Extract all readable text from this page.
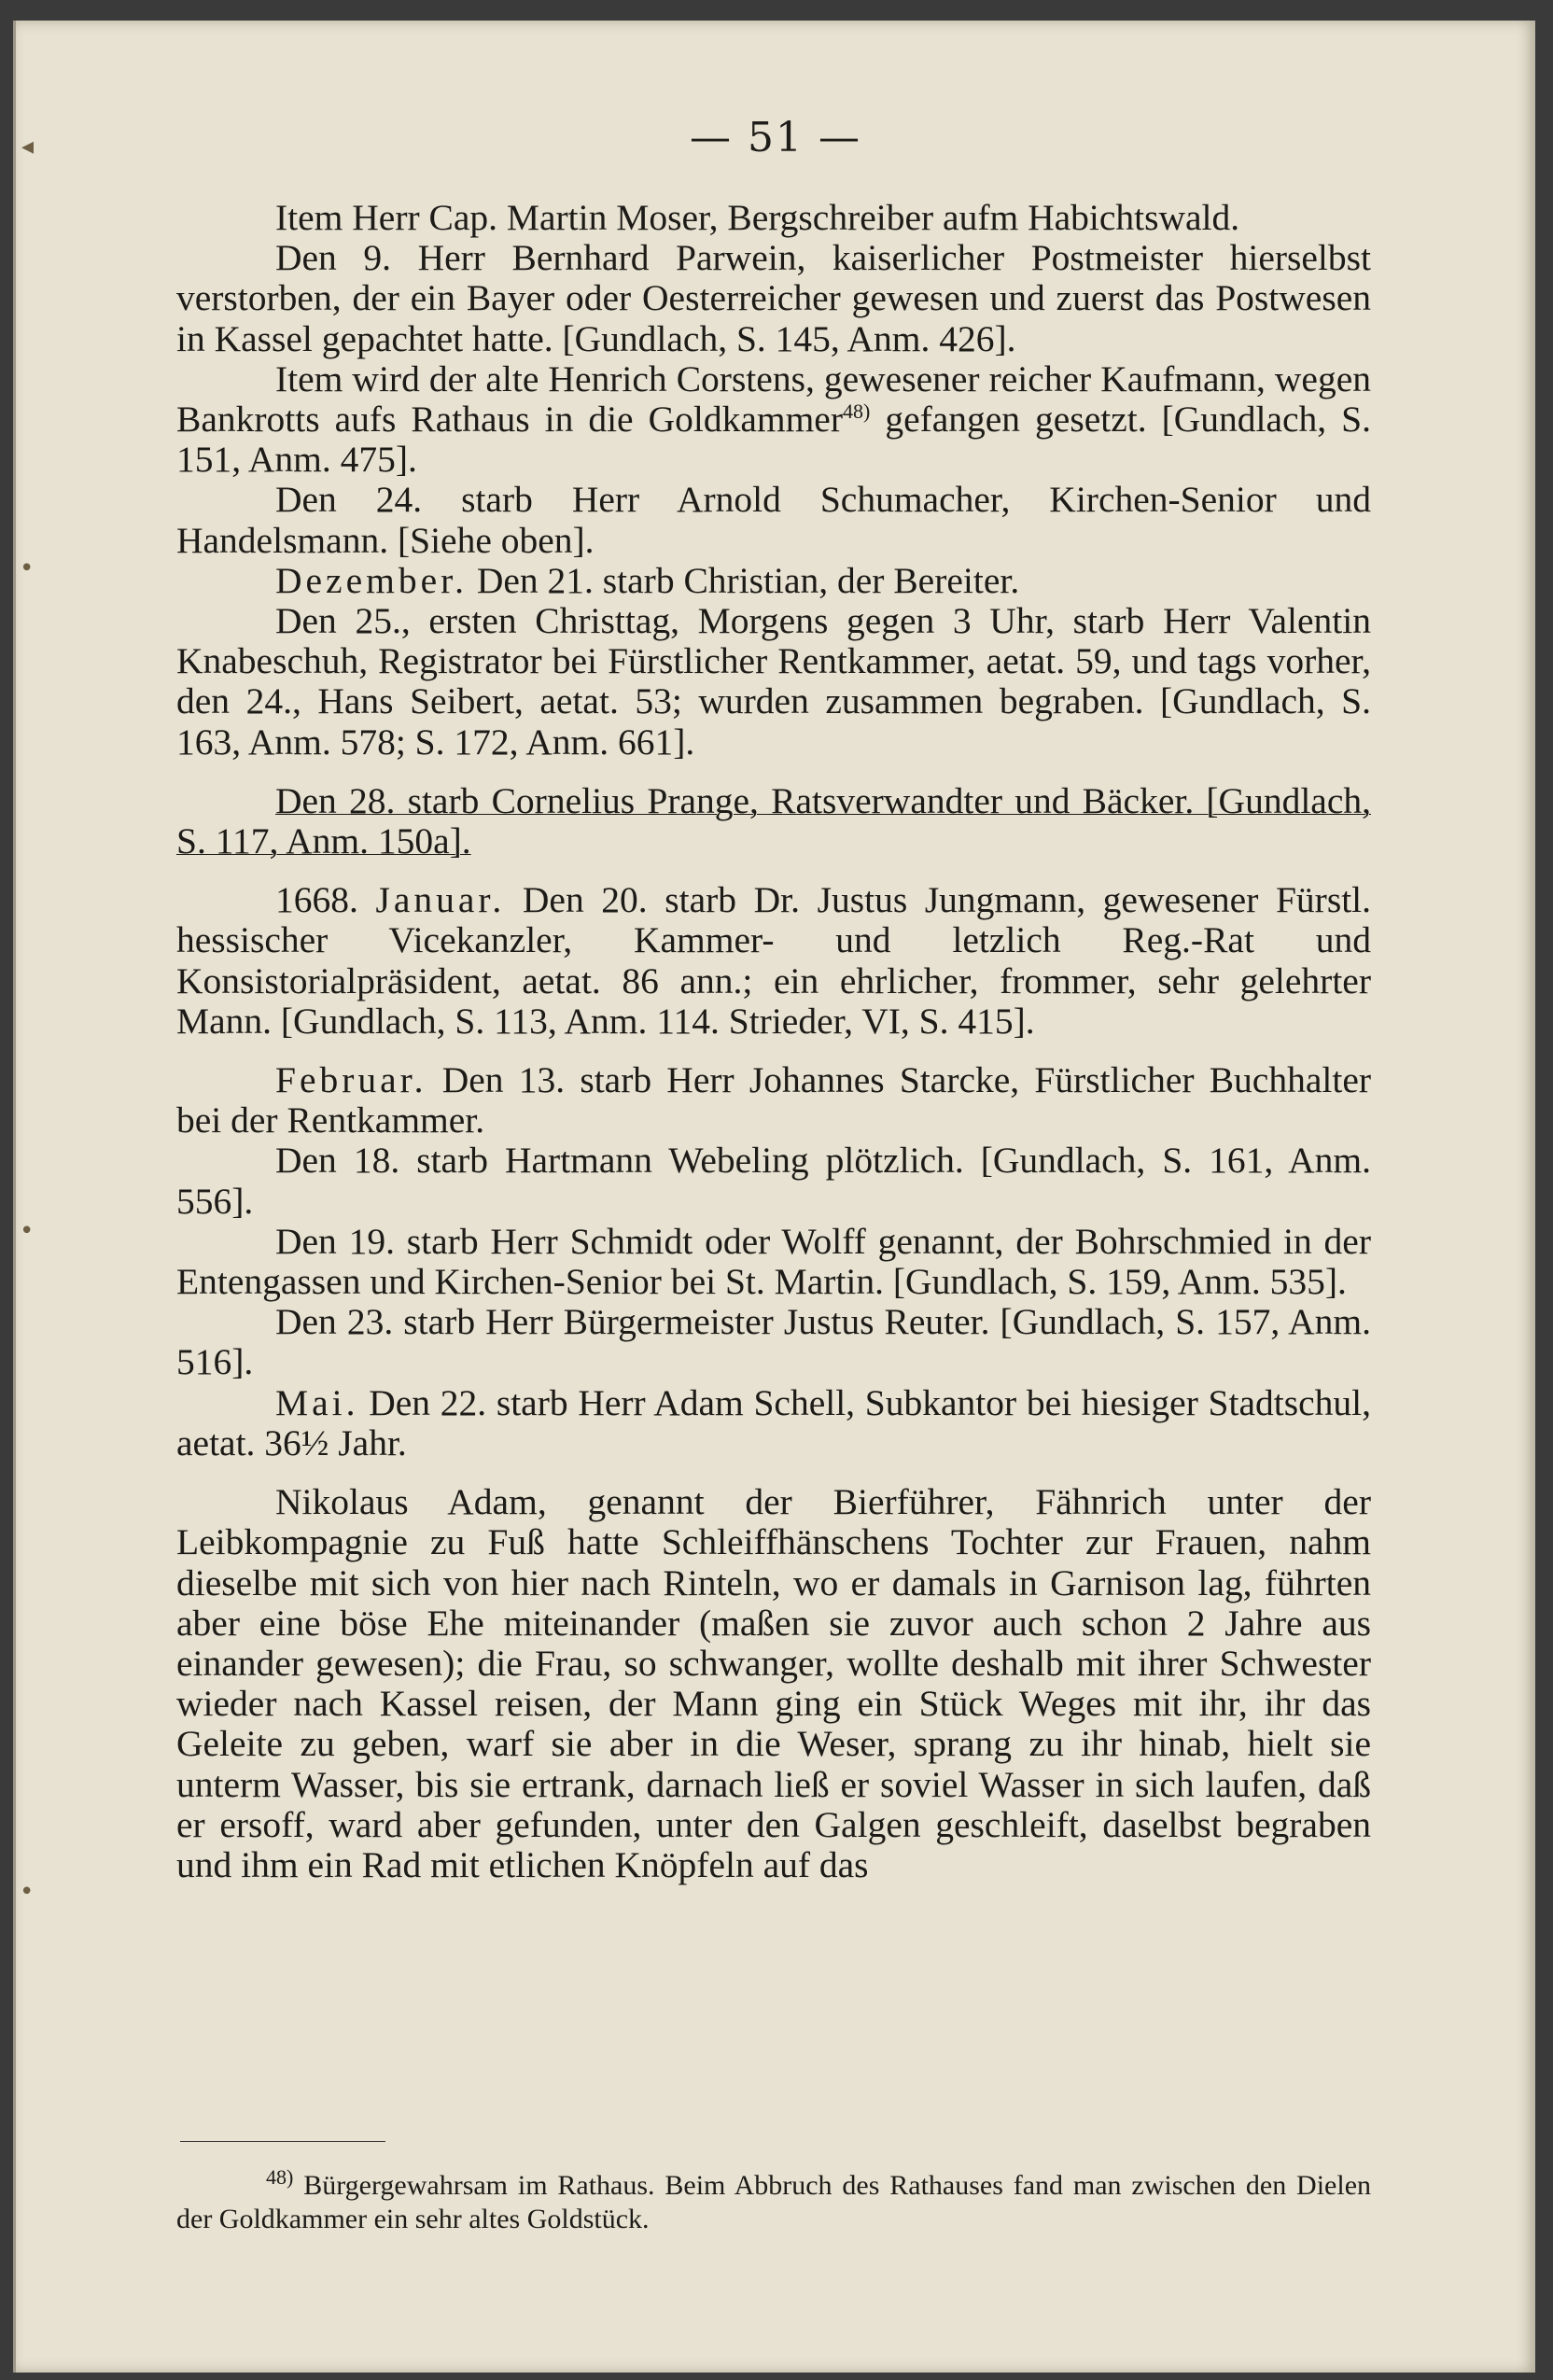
◂
•
•
•
— 51 —

Item Herr Cap. Martin Moser, Bergschreiber aufm Habichtswald.

Den 9. Herr Bernhard Parwein, kaiserlicher Postmeister hierselbst verstorben, der ein Bayer oder Oesterreicher gewesen und zuerst das Postwesen in Kassel gepachtet hatte. [Gundlach, S. 145, Anm. 426].

Item wird der alte Henrich Corstens, gewesener reicher Kaufmann, wegen Bankrotts aufs Rathaus in die Goldkammer$^{48)}$ gefangen gesetzt. [Gundlach, S. 151, Anm. 475].

Den 24. starb Herr Arnold Schumacher, Kirchen-Senior und Handelsmann. [Siehe oben].

Dezember. Den 21. starb Christian, der Bereiter.

Den 25., ersten Christtag, Morgens gegen 3 Uhr, starb Herr Valentin Knabeschuh, Registrator bei Fürstlicher Rentkammer, aetat. 59, und tags vorher, den 24., Hans Seibert, aetat. 53; wurden zusammen begraben. [Gundlach, S. 163, Anm. 578; S. 172, Anm. 661].

Den 28. starb Cornelius Prange, Ratsverwandter und Bäcker. [Gundlach, S. 117, Anm. 150a].

1668. Januar. Den 20. starb Dr. Justus Jungmann, gewesener Fürstl. hessischer Vicekanzler, Kammer- und letzlich Reg.-Rat und Konsistorialpräsident, aetat. 86 ann.; ein ehrlicher, frommer, sehr gelehrter Mann. [Gundlach, S. 113, Anm. 114. Strieder, VI, S. 415].

Februar. Den 13. starb Herr Johannes Starcke, Fürstlicher Buchhalter bei der Rentkammer.

Den 18. starb Hartmann Webeling plötzlich. [Gundlach, S. 161, Anm. 556].

Den 19. starb Herr Schmidt oder Wolff genannt, der Bohrschmied in der Entengassen und Kirchen-Senior bei St. Martin. [Gundlach, S. 159, Anm. 535].

Den 23. starb Herr Bürgermeister Justus Reuter. [Gundlach, S. 157, Anm. 516].

Mai. Den 22. starb Herr Adam Schell, Subkantor bei hiesiger Stadtschul, aetat. 36½ Jahr.

Nikolaus Adam, genannt der Bierführer, Fähnrich unter der Leibkompagnie zu Fuß hatte Schleiffhänschens Tochter zur Frauen, nahm dieselbe mit sich von hier nach Rinteln, wo er damals in Garnison lag, führten aber eine böse Ehe miteinander (maßen sie zuvor auch schon 2 Jahre aus einander gewesen); die Frau, so schwanger, wollte deshalb mit ihrer Schwester wieder nach Kassel reisen, der Mann ging ein Stück Weges mit ihr, ihr das Geleite zu geben, warf sie aber in die Weser, sprang zu ihr hinab, hielt sie unterm Wasser, bis sie ertrank, darnach ließ er soviel Wasser in sich laufen, daß er ersoff, ward aber gefunden, unter den Galgen geschleift, daselbst begraben und ihm ein Rad mit etlichen Knöpfeln auf das

$^{48)}$ Bürgergewahrsam im Rathaus. Beim Abbruch des Rathauses fand man zwischen den Dielen der Goldkammer ein sehr altes Goldstück.
